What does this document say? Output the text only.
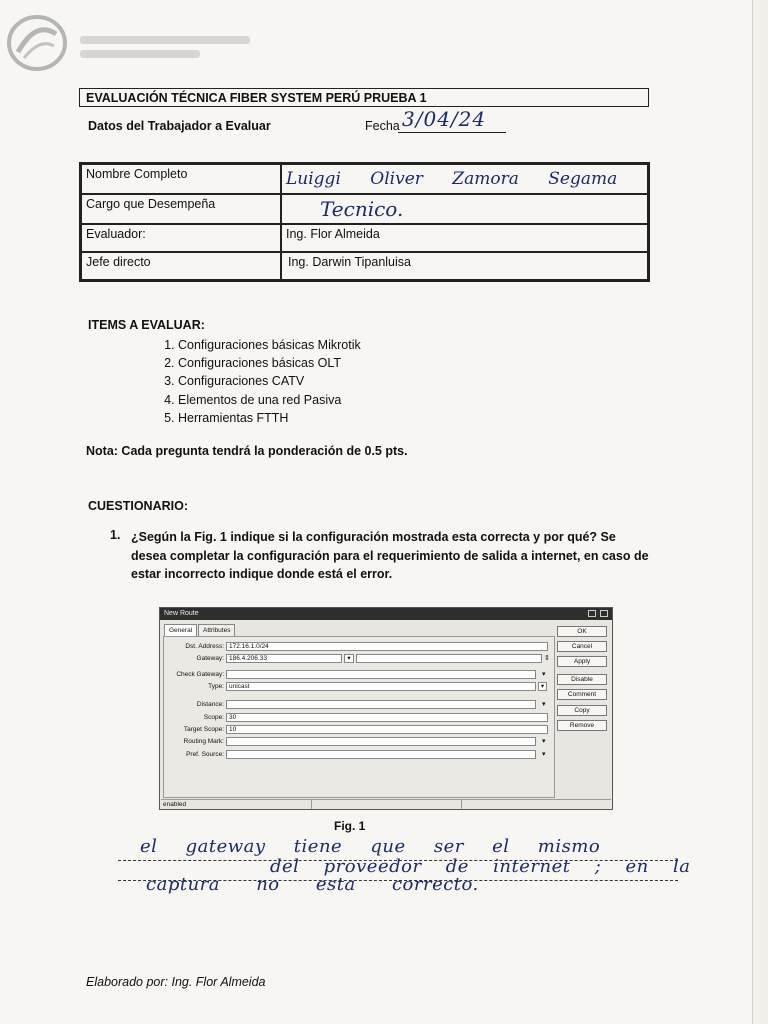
EVALUACIÓN TÉCNICA FIBER SYSTEM PERÚ PRUEBA 1
Datos del Trabajador a Evaluar	Fecha 3/04/24
Nombre Completo	Luiggi Oliver Zamora Segama
Cargo que Desempeña	Tecnico.
Evaluador:	Ing. Flor Almeida
Jefe directo	Ing. Darwin Tipanluisa
ITEMS A EVALUAR:
1. Configuraciones básicas Mikrotik
2. Configuraciones básicas OLT
3. Configuraciones CATV
4. Elementos de una red Pasiva
5. Herramientas FTTH
Nota: Cada pregunta tendrá la ponderación de 0.5 pts.
CUESTIONARIO:
1. ¿Según la Fig. 1 indique si la configuración mostrada esta correcta y por qué? Se desea completar la configuración para el requerimiento de salida a internet, en caso de estar incorrecto indique donde está el error.
New Route
General	Attributes
Dst. Address: 172.16.1.0/24
Gateway: 186.4.206.33	▾	⇕
Check Gateway:	▾
Type: unicast	▾
Distance:	▾
Scope: 30
Target Scope: 10
Routing Mark:	▾
Pref. Source:	▾
OK
Cancel
Apply
Disable
Comment
Copy
Remove
enabled
Fig. 1
el gateway tiene que ser el mismo
del proveedor de internet ; en la
captura no esta correcto.
Elaborado por: Ing. Flor Almeida
